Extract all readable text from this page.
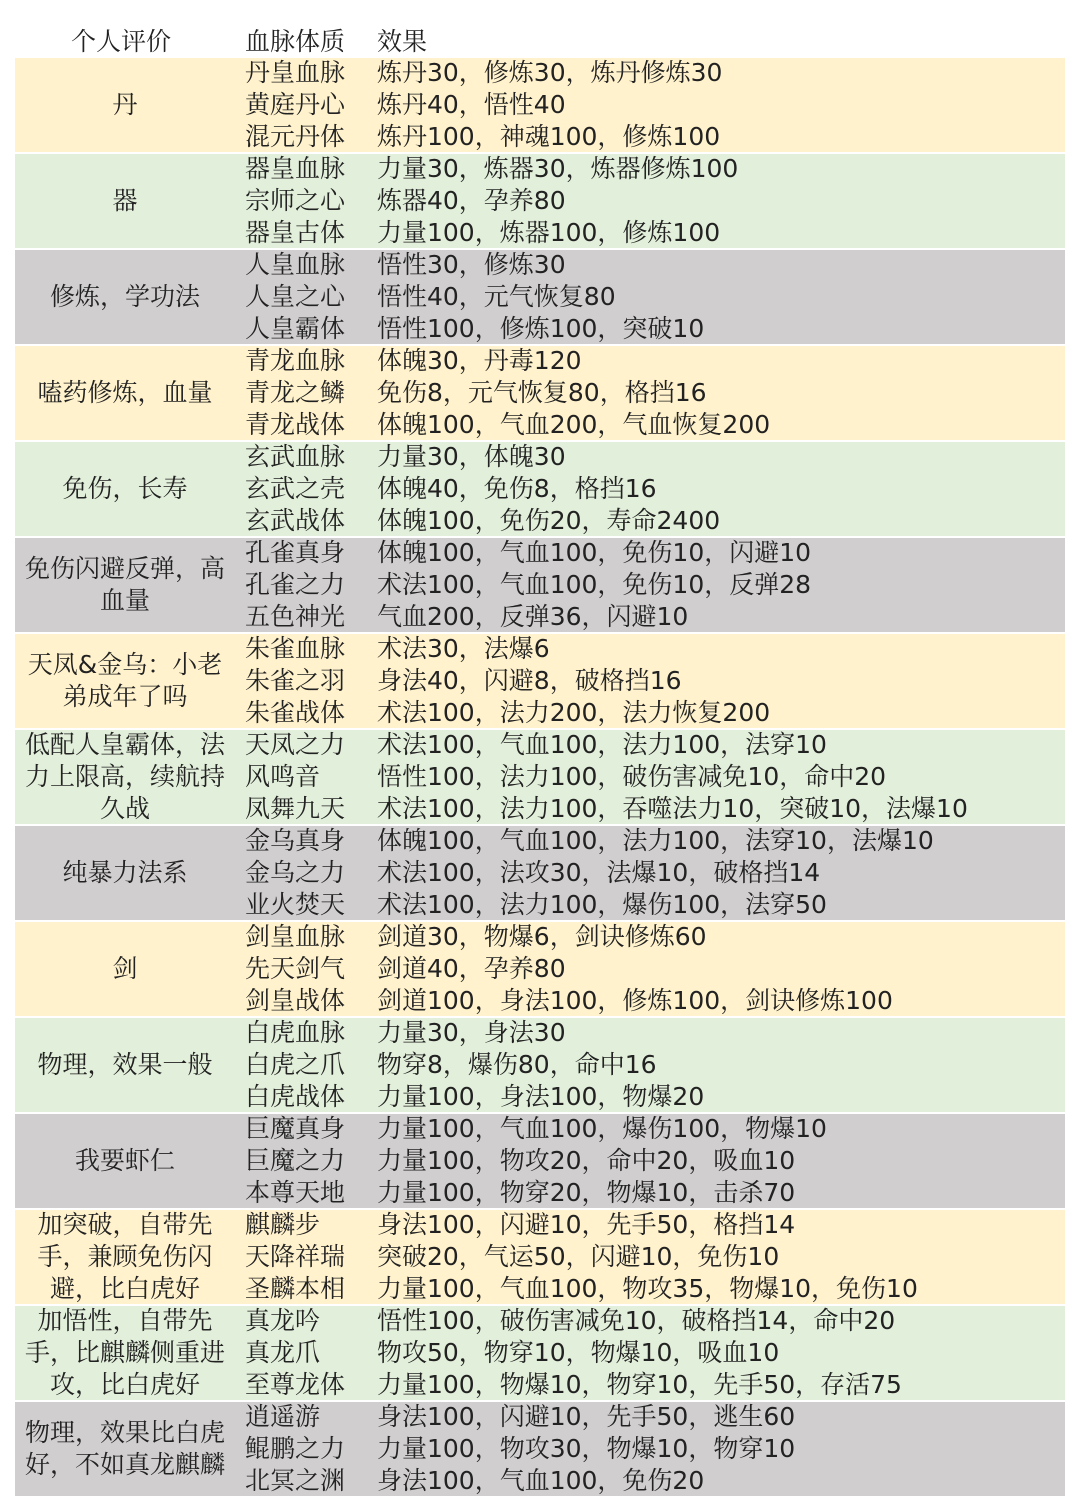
个人评价	血脉体质 效果
丹
丹皇血脉 炼丹30，修炼30，炼丹修炼30
黄庭丹心 炼丹40，悟性40
混元丹体 炼丹100，神魂100，修炼100
器
器皇血脉 力量30，炼器30，炼器修炼100
宗师之心 炼器40，孕养80
器皇古体 力量100，炼器100，修炼100
修炼，学功法
人皇血脉 悟性30，修炼30
人皇之心 悟性40，元气恢复80
人皇霸体 悟性100，修炼100，突破10
嗑药修炼，血量
青龙血脉 体魄30，丹毒120
青龙之鳞 免伤8，元气恢复80，格挡16
青龙战体 体魄100，气血200，气血恢复200
免伤，长寿
玄武血脉 力量30，体魄30
玄武之壳 体魄40，免伤8，格挡16
玄武战体 体魄100，免伤20，寿命2400
免伤闪避反弹，高血量
孔雀真身 体魄100，气血100，免伤10，闪避10
孔雀之力 术法100，气血100，免伤10，反弹28
五色神光 气血200，反弹36，闪避10
天凤&金乌：小老弟成年了吗
朱雀血脉 术法30，法爆6
朱雀之羽 身法40，闪避8，破格挡16
朱雀战体 术法100，法力200，法力恢复200
低配人皇霸体，法力上限高，续航持久战
天凤之力 术法100，气血100，法力100，法穿10
风鸣音 悟性100，法力100，破伤害减免10，命中20
凤舞九天 术法100，法力100，吞噬法力10，突破10，法爆10
纯暴力法系
金乌真身 体魄100，气血100，法力100，法穿10，法爆10
金乌之力 术法100，法攻30，法爆10，破格挡14
业火焚天 术法100，法力100，爆伤100，法穿50
剑
剑皇血脉 剑道30，物爆6，剑诀修炼60
先天剑气 剑道40，孕养80
剑皇战体 剑道100，身法100，修炼100，剑诀修炼100
物理，效果一般
白虎血脉 力量30，身法30
白虎之爪 物穿8，爆伤80，命中16
白虎战体 力量100，身法100，物爆20
我要虾仁
巨魔真身 力量100，气血100，爆伤100，物爆10
巨魔之力 力量100，物攻20，命中20，吸血10
本尊天地 力量100，物穿20，物爆10，击杀70
加突破，自带先手，兼顾免伤闪避，比白虎好
麒麟步 身法100，闪避10，先手50，格挡14
天降祥瑞 突破20，气运50，闪避10，免伤10
圣麟本相 力量100，气血100，物攻35，物爆10，免伤10
加悟性，自带先手，比麒麟侧重进攻，比白虎好
真龙吟 悟性100，破伤害减免10，破格挡14，命中20
真龙爪 物攻50，物穿10，物爆10，吸血10
至尊龙体 力量100，物爆10，物穿10，先手50，存活75
物理，效果比白虎好，不如真龙麒麟
逍遥游 身法100，闪避10，先手50，逃生60
鲲鹏之力 力量100，物攻30，物爆10，物穿10
北冥之渊 身法100，气血100，免伤20
